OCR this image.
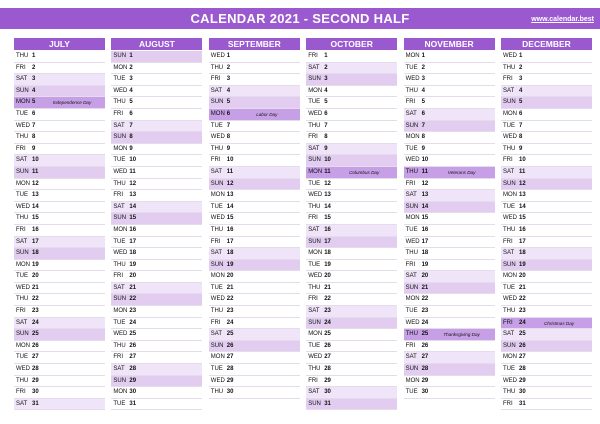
CALENDAR 2021 - SECOND HALF	www.calendar.best
JULY
THU 1
FRI 2
SAT 3
SUN 4
MON 5	Independence Day
TUE 6
WED 7
THU 8
FRI 9
SAT 10
SUN 11
MON 12
TUE 13
WED 14
THU 15
FRI 16
SAT 17
SUN 18
MON 19
TUE 20
WED 21
THU 22
FRI 23
SAT 24
SUN 25
MON 26
TUE 27
WED 28
THU 29
FRI 30
SAT 31
AUGUST
SUN 1
MON 2
TUE 3
WED 4
THU 5
FRI 6
SAT 7
SUN 8
MON 9
TUE 10
WED 11
THU 12
FRI 13
SAT 14
SUN 15
MON 16
TUE 17
WED 18
THU 19
FRI 20
SAT 21
SUN 22
MON 23
TUE 24
WED 25
THU 26
FRI 27
SAT 28
SUN 29
MON 30
TUE 31
SEPTEMBER
WED 1
THU 2
FRI 3
SAT 4
SUN 5
MON 6	Labor Day
TUE 7
WED 8
THU 9
FRI 10
SAT 11
SUN 12
MON 13
TUE 14
WED 15
THU 16
FRI 17
SAT 18
SUN 19
MON 20
TUE 21
WED 22
THU 23
FRI 24
SAT 25
SUN 26
MON 27
TUE 28
WED 29
THU 30
OCTOBER
FRI 1
SAT 2
SUN 3
MON 4
TUE 5
WED 6
THU 7
FRI 8
SAT 9
SUN 10
MON 11	Columbus Day
TUE 12
WED 13
THU 14
FRI 15
SAT 16
SUN 17
MON 18
TUE 19
WED 20
THU 21
FRI 22
SAT 23
SUN 24
MON 25
TUE 26
WED 27
THU 28
FRI 29
SAT 30
SUN 31
NOVEMBER
MON 1
TUE 2
WED 3
THU 4
FRI 5
SAT 6
SUN 7
MON 8
TUE 9
WED 10
THU 11	Veterans Day
FRI 12
SAT 13
SUN 14
MON 15
TUE 16
WED 17
THU 18
FRI 19
SAT 20
SUN 21
MON 22
TUE 23
WED 24
THU 25	Thanksgiving Day
FRI 26
SAT 27
SUN 28
MON 29
TUE 30
DECEMBER
WED 1
THU 2
FRI 3
SAT 4
SUN 5
MON 6
TUE 7
WED 8
THU 9
FRI 10
SAT 11
SUN 12
MON 13
TUE 14
WED 15
THU 16
FRI 17
SAT 18
SUN 19
MON 20
TUE 21
WED 22
THU 23
FRI 24	Christmas Day
SAT 25
SUN 26
MON 27
TUE 28
WED 29
THU 30
FRI 31
